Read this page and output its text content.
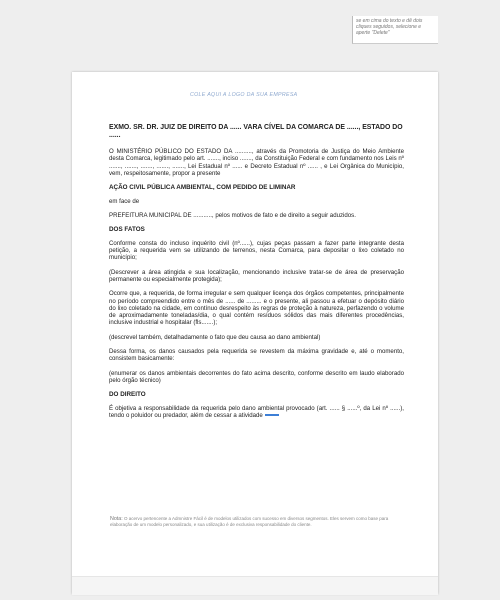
COLE AQUI A LOGO DA SUA EMPRESA
EXMO. SR. DR. JUIZ DE DIREITO DA ...... VARA CÍVEL DA COMARCA DE ......, ESTADO DO ......

O MINISTÉRIO PÚBLICO DO ESTADO DA .........., através da Promotoria de Justiça do Meio Ambiente desta Comarca, legitimado pelo art. ......., inciso ......., da Constituição Federal e com fundamento nos Leis nº ......., ......., ......., ......., ......., Lei Estadual nº ...... e Decreto Estadual nº ...... , e Lei Orgânica do Município, vem, respeitosamente, propor a presente

AÇÃO CIVIL PÚBLICA AMBIENTAL, COM PEDIDO DE LIMINAR

em face de

PREFEITURA MUNICIPAL DE ..........., pelos motivos de fato e de direito a seguir aduzidos.

DOS FATOS

Conforme consta do incluso inquérito civil (nº......), cujas peças passam a fazer parte integrante desta petição, a requerida vem se utilizando de terrenos, nesta Comarca, para depositar o lixo coletado no município;

(Descrever a área atingida e sua localização, mencionando inclusive tratar-se de área de preservação permanente ou especialmente protegida);

Ocorre que, a requerida, de forma irregular e sem qualquer licença dos órgãos competentes, principalmente no período compreendido entre o mês de ...... de ......... e o presente, ali passou a efetuar o depósito diário do lixo coletado na cidade, em contínuo desrespeito às regras de proteção à natureza, perfazendo o volume de aproximadamente toneladas/dia, o qual contém resíduos sólidos das mais diferentes procedências, inclusive industrial e hospitalar (fls.......);

(descrevel também, detalhadamente o fato que deu causa ao dano ambiental)

Dessa forma, os danos causados pela requerida se revestem da máxima gravidade e, até o momento, consistem basicamente:

(enumerar os danos ambientais decorrentes do fato acima descrito, conforme descrito em laudo elaborado pelo órgão técnico)

DO DIREITO

É objetiva a responsabilidade da requerida pelo dano ambiental provocado (art. ...... § ......º, da Lei nº ......), tendo o poluidor ou predador, além de cessar a atividade

Nota: O acervo pertencente a Admnistre Fácil é de modelos utilizados com sucesso em diversos segmentos. Eles servem como base para elaboração de um modelo personalizado, e sua utilização é de exclusiva responsabilidade do cliente.
se em cima do texto e dê dois
cliques seguidos, selecione e
aperte "Delete"
